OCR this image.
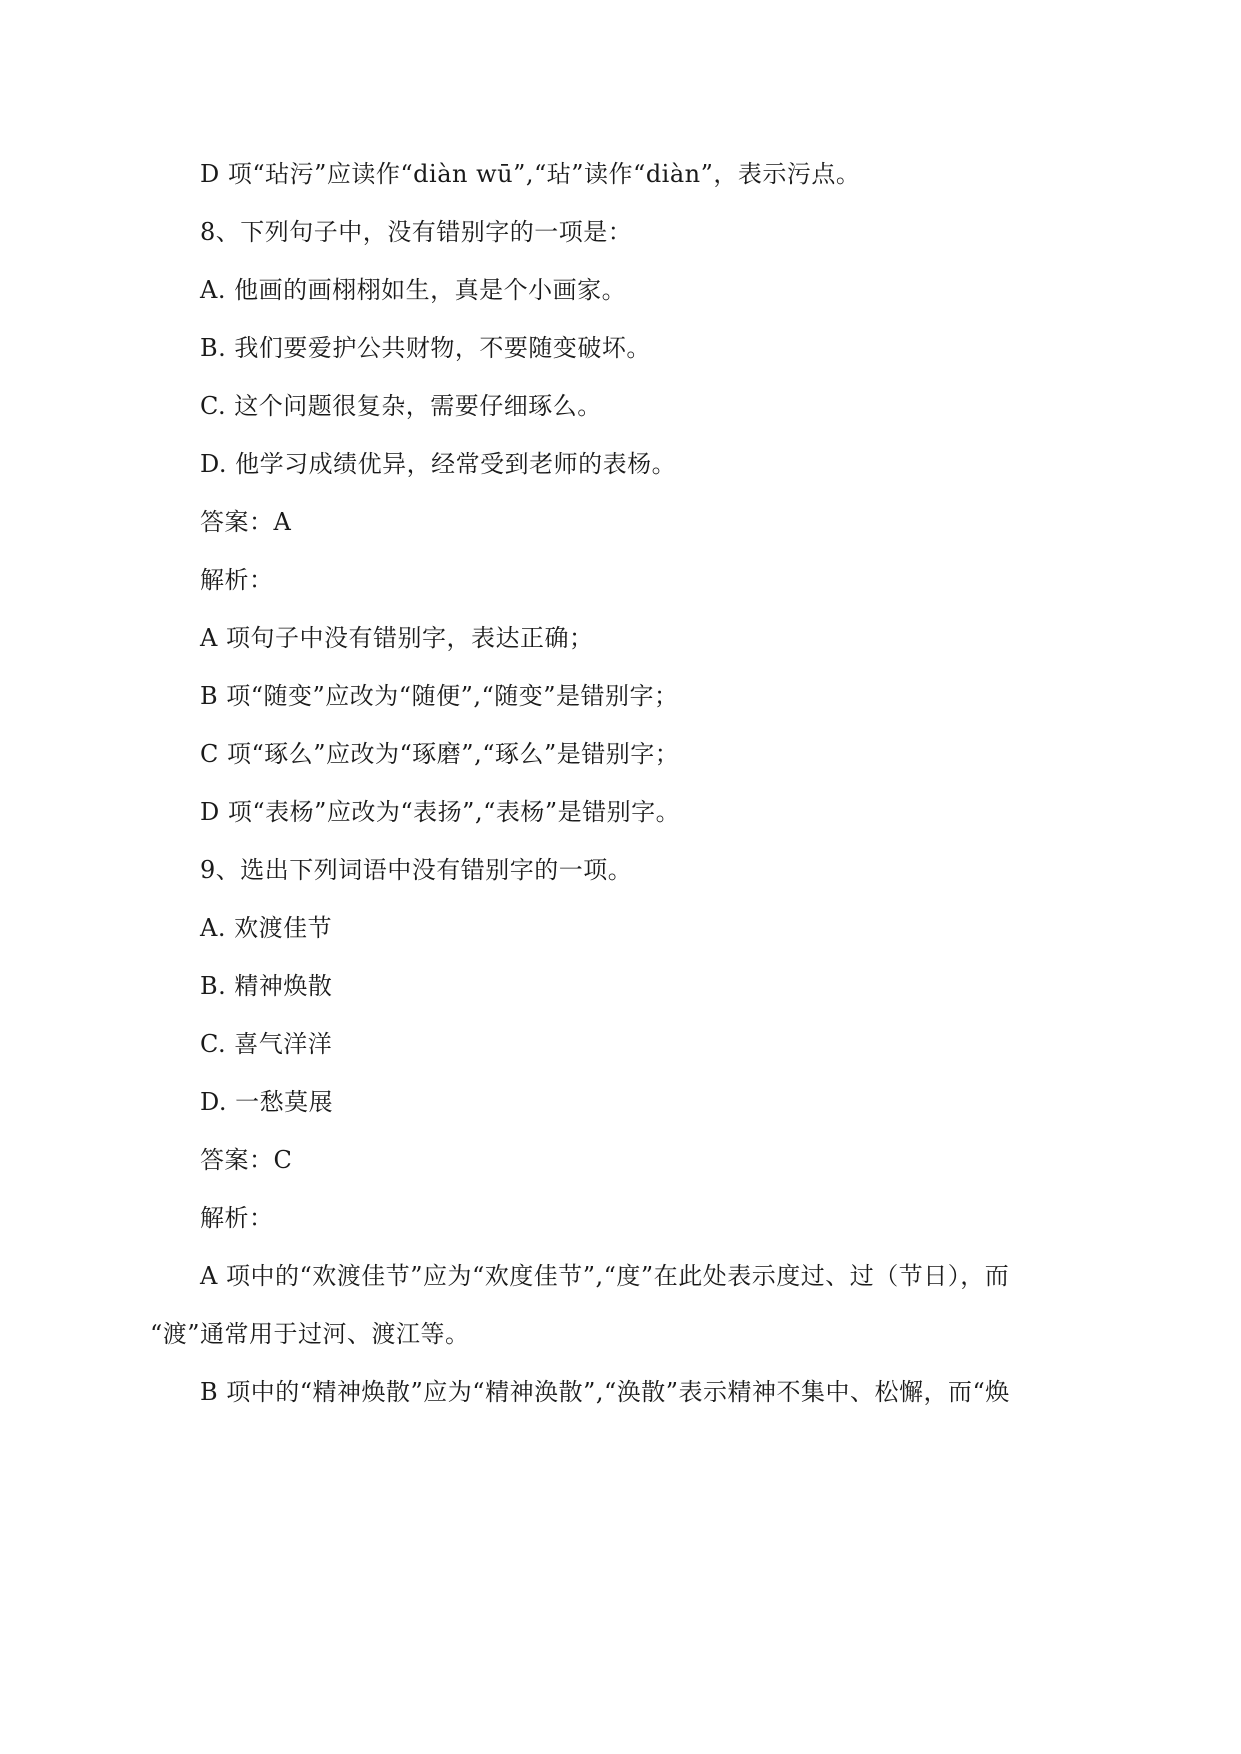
D 项“玷污”应读作“diàn wū”,“玷”读作“diàn”，表示污点。

8、下列句子中，没有错别字的一项是：

A. 他画的画栩栩如生，真是个小画家。

B. 我们要爱护公共财物，不要随变破坏。

C. 这个问题很复杂，需要仔细琢么。

D. 他学习成绩优异，经常受到老师的表杨。

答案：A

解析：

A 项句子中没有错别字，表达正确；

B 项“随变”应改为“随便”,“随变”是错别字；

C 项“琢么”应改为“琢磨”,“琢么”是错别字；

D 项“表杨”应改为“表扬”,“表杨”是错别字。

9、选出下列词语中没有错别字的一项。

A. 欢渡佳节

B. 精神焕散

C. 喜气洋洋

D. 一愁莫展

答案：C

解析：

A 项中的“欢渡佳节”应为“欢度佳节”,“度”在此处表示度过、过（节日），而

“渡”通常用于过河、渡江等。

B 项中的“精神焕散”应为“精神涣散”,“涣散”表示精神不集中、松懈，而“焕
